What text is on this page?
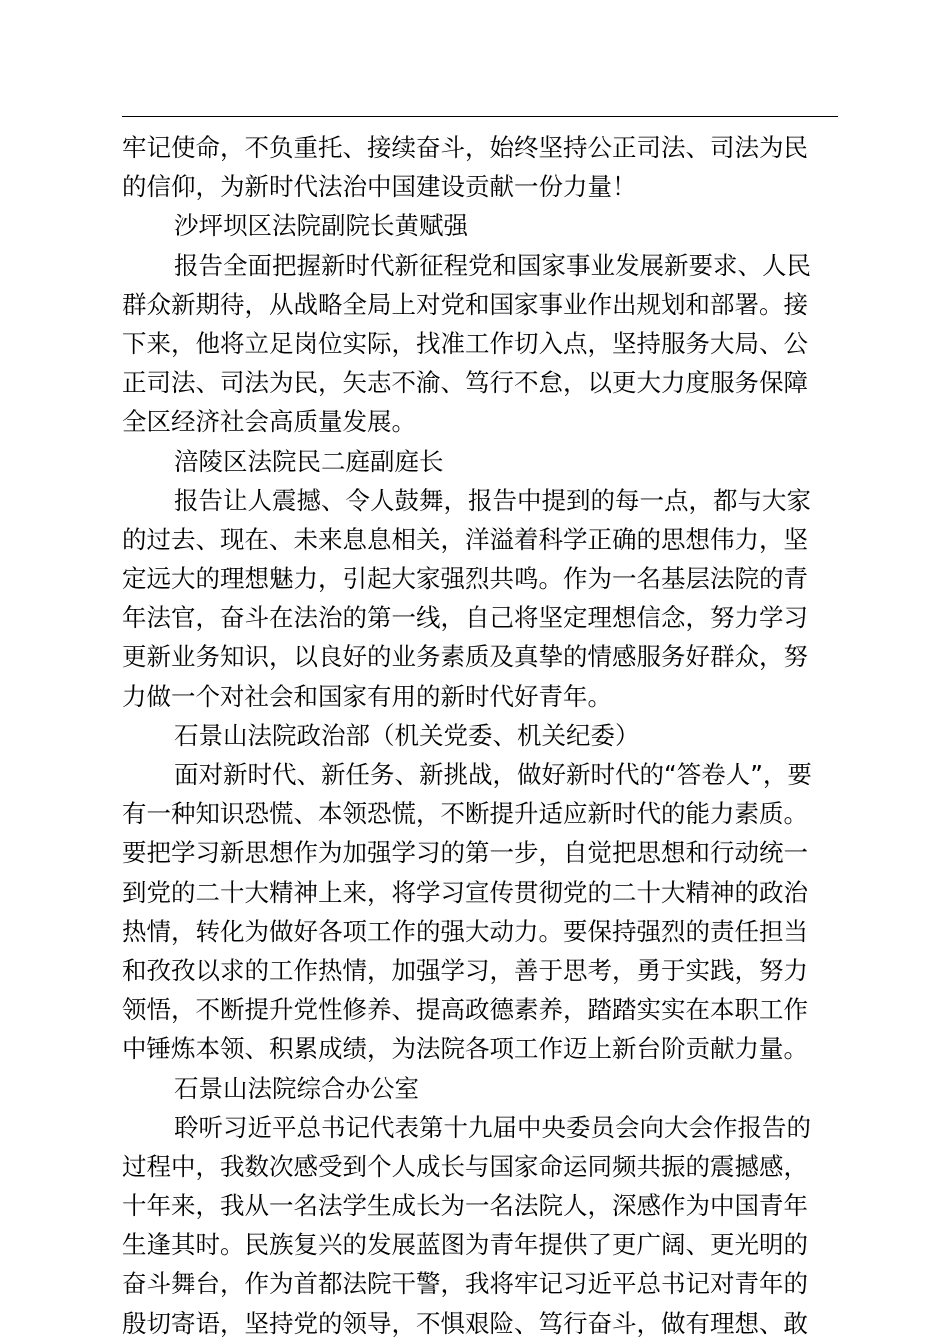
牢记使命，不负重托、接续奋斗，始终坚持公正司法、司法为民
的信仰，为新时代法治中国建设贡献一份力量！
沙坪坝区法院副院长黄赋强
报告全面把握新时代新征程党和国家事业发展新要求、人民
群众新期待，从战略全局上对党和国家事业作出规划和部署。接
下来，他将立足岗位实际，找准工作切入点，坚持服务大局、公
正司法、司法为民，矢志不渝、笃行不怠，以更大力度服务保障
全区经济社会高质量发展。
涪陵区法院民二庭副庭长
报告让人震撼、令人鼓舞，报告中提到的每一点，都与大家
的过去、现在、未来息息相关，洋溢着科学正确的思想伟力，坚
定远大的理想魅力，引起大家强烈共鸣。作为一名基层法院的青
年法官，奋斗在法治的第一线，自己将坚定理想信念，努力学习
更新业务知识，以良好的业务素质及真挚的情感服务好群众，努
力做一个对社会和国家有用的新时代好青年。
石景山法院政治部（机关党委、机关纪委）
面对新时代、新任务、新挑战，做好新时代的“答卷人”，要
有一种知识恐慌、本领恐慌，不断提升适应新时代的能力素质。
要把学习新思想作为加强学习的第一步，自觉把思想和行动统一
到党的二十大精神上来，将学习宣传贯彻党的二十大精神的政治
热情，转化为做好各项工作的强大动力。要保持强烈的责任担当
和孜孜以求的工作热情，加强学习，善于思考，勇于实践，努力
领悟，不断提升党性修养、提高政德素养，踏踏实实在本职工作
中锤炼本领、积累成绩，为法院各项工作迈上新台阶贡献力量。
石景山法院综合办公室
聆听习近平总书记代表第十九届中央委员会向大会作报告的
过程中，我数次感受到个人成长与国家命运同频共振的震撼感，
十年来，我从一名法学生成长为一名法院人，深感作为中国青年
生逢其时。民族复兴的发展蓝图为青年提供了更广阔、更光明的
奋斗舞台，作为首都法院干警，我将牢记习近平总书记对青年的
殷切寄语，坚持党的领导，不惧艰险、笃行奋斗，做有理想、敢
